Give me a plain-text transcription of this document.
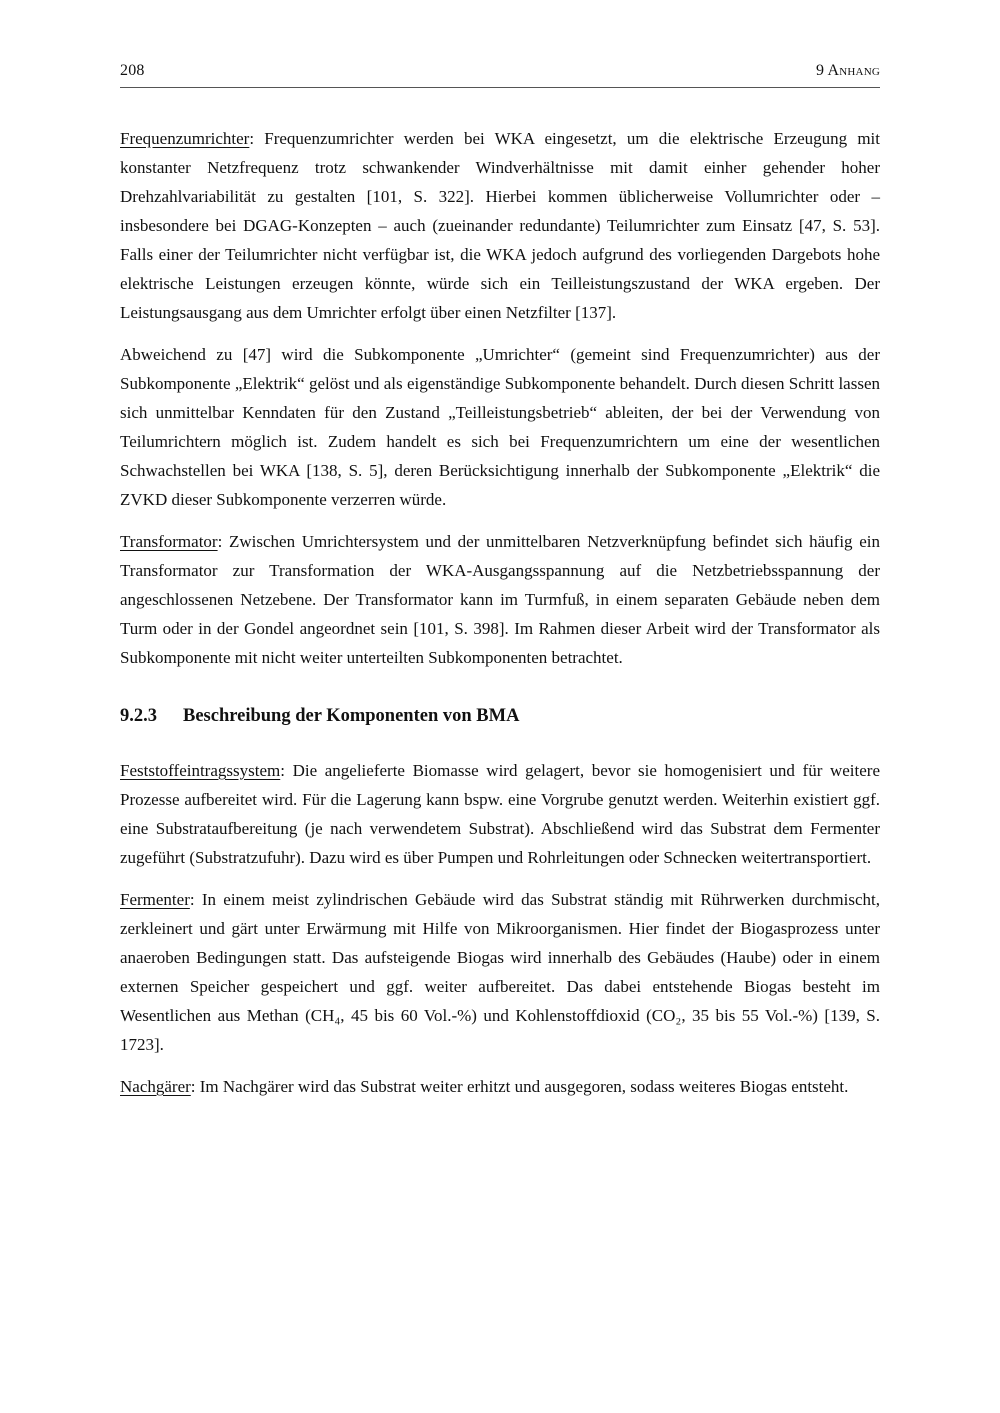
208	9 Anhang

Frequenzumrichter: Frequenzumrichter werden bei WKA eingesetzt, um die elektrische Erzeugung mit konstanter Netzfrequenz trotz schwankender Windverhältnisse mit damit einher gehender hoher Drehzahlvariabilität zu gestalten [101, S. 322]. Hierbei kommen üblicherweise Vollumrichter oder – insbesondere bei DGAG-Konzepten – auch (zueinander redundante) Teilumrichter zum Einsatz [47, S. 53]. Falls einer der Teilumrichter nicht verfügbar ist, die WKA jedoch aufgrund des vorliegenden Dargebots hohe elektrische Leistungen erzeugen könnte, würde sich ein Teilleistungszustand der WKA ergeben. Der Leistungsausgang aus dem Umrichter erfolgt über einen Netzfilter [137].

Abweichend zu [47] wird die Subkomponente „Umrichter“ (gemeint sind Frequenzumrichter) aus der Subkomponente „Elektrik“ gelöst und als eigenständige Subkomponente behandelt. Durch diesen Schritt lassen sich unmittelbar Kenndaten für den Zustand „Teilleistungsbetrieb“ ableiten, der bei der Verwendung von Teilumrichtern möglich ist. Zudem handelt es sich bei Frequenzumrichtern um eine der wesentlichen Schwachstellen bei WKA [138, S. 5], deren Berücksichtigung innerhalb der Subkomponente „Elektrik“ die ZVKD dieser Subkomponente verzerren würde.

Transformator: Zwischen Umrichtersystem und der unmittelbaren Netzverknüpfung befindet sich häufig ein Transformator zur Transformation der WKA-Ausgangsspannung auf die Netzbetriebsspannung der angeschlossenen Netzebene. Der Transformator kann im Turmfuß, in einem separaten Gebäude neben dem Turm oder in der Gondel angeordnet sein [101, S. 398]. Im Rahmen dieser Arbeit wird der Transformator als Subkomponente mit nicht weiter unterteilten Subkomponenten betrachtet.

9.2.3 Beschreibung der Komponenten von BMA

Feststoffeintragssystem: Die angelieferte Biomasse wird gelagert, bevor sie homogenisiert und für weitere Prozesse aufbereitet wird. Für die Lagerung kann bspw. eine Vorgrube genutzt werden. Weiterhin existiert ggf. eine Substrataufbereitung (je nach verwendetem Substrat). Abschließend wird das Substrat dem Fermenter zugeführt (Substratzufuhr). Dazu wird es über Pumpen und Rohrleitungen oder Schnecken weitertransportiert.

Fermenter: In einem meist zylindrischen Gebäude wird das Substrat ständig mit Rührwerken durchmischt, zerkleinert und gärt unter Erwärmung mit Hilfe von Mikroorganismen. Hier findet der Biogasprozess unter anaeroben Bedingungen statt. Das aufsteigende Biogas wird innerhalb des Gebäudes (Haube) oder in einem externen Speicher gespeichert und ggf. weiter aufbereitet. Das dabei entstehende Biogas besteht im Wesentlichen aus Methan (CH₄, 45 bis 60 Vol.-%) und Kohlenstoffdioxid (CO₂, 35 bis 55 Vol.-%) [139, S. 1723].

Nachgärer: Im Nachgärer wird das Substrat weiter erhitzt und ausgegoren, sodass weiteres Biogas entsteht.
